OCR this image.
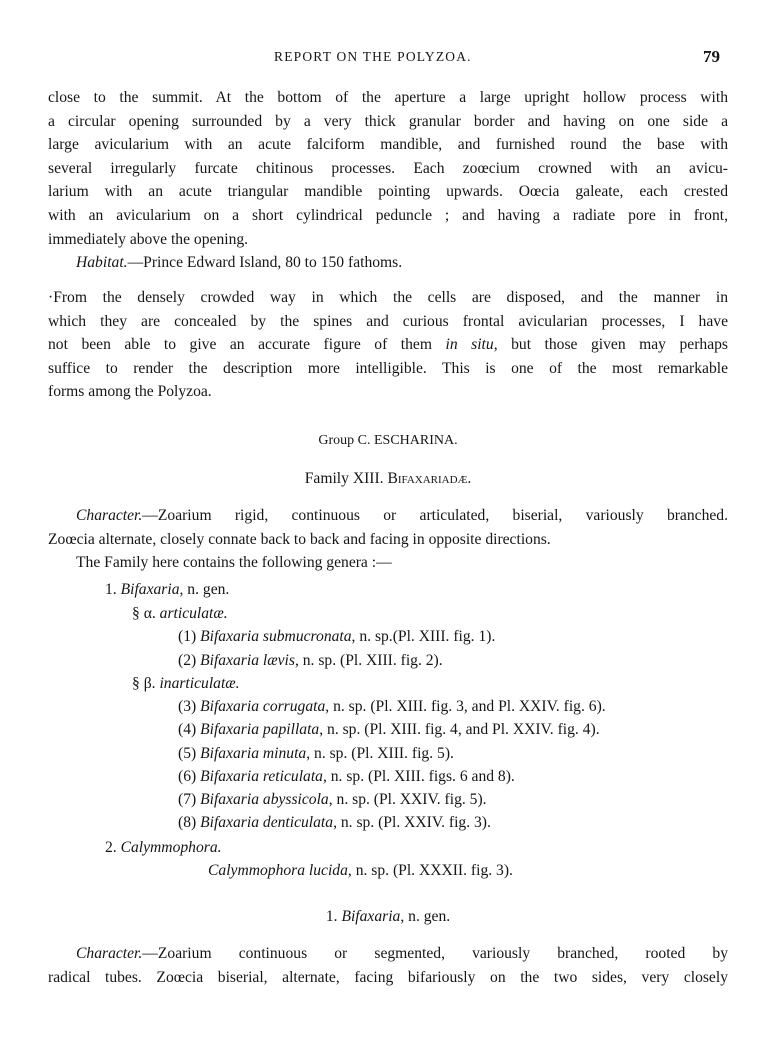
REPORT ON THE POLYZOA.	79
close to the summit. At the bottom of the aperture a large upright hollow process with
a circular opening surrounded by a very thick granular border and having on one side a
large avicularium with an acute falciform mandible, and furnished round the base with
several irregularly furcate chitinous processes. Each zoœcium crowned with an avicu-
larium with an acute triangular mandible pointing upwards. Oœcia galeate, each crested
with an avicularium on a short cylindrical peduncle ; and having a radiate pore in front,
immediately above the opening.
Habitat.—Prince Edward Island, 80 to 150 fathoms.
·From the densely crowded way in which the cells are disposed, and the manner in
which they are concealed by the spines and curious frontal avicularian processes, I have
not been able to give an accurate figure of them in situ, but those given may perhaps
suffice to render the description more intelligible. This is one of the most remarkable
forms among the Polyzoa.
Group C. ESCHARINA.
Family XIII. Bifaxariadæ.
Character.—Zoarium rigid, continuous or articulated, biserial, variously branched.
Zoœcia alternate, closely connate back to back and facing in opposite directions.
The Family here contains the following genera :—
1. Bifaxaria, n. gen.
§ α. articulatæ.
(1) Bifaxaria submucronata, n. sp.(Pl. XIII. fig. 1).
(2) Bifaxaria lævis, n. sp. (Pl. XIII. fig. 2).
§ β. inarticulatæ.
(3) Bifaxaria corrugata, n. sp. (Pl. XIII. fig. 3, and Pl. XXIV. fig. 6).
(4) Bifaxaria papillata, n. sp. (Pl. XIII. fig. 4, and Pl. XXIV. fig. 4).
(5) Bifaxaria minuta, n. sp. (Pl. XIII. fig. 5).
(6) Bifaxaria reticulata, n. sp. (Pl. XIII. figs. 6 and 8).
(7) Bifaxaria abyssicola, n. sp. (Pl. XXIV. fig. 5).
(8) Bifaxaria denticulata, n. sp. (Pl. XXIV. fig. 3).
2. Calymmophora.
Calymmophora lucida, n. sp. (Pl. XXXII. fig. 3).
1. Bifaxaria, n. gen.
Character.—Zoarium continuous or segmented, variously branched, rooted by
radical tubes. Zoœcia biserial, alternate, facing bifariously on the two sides, very closely
